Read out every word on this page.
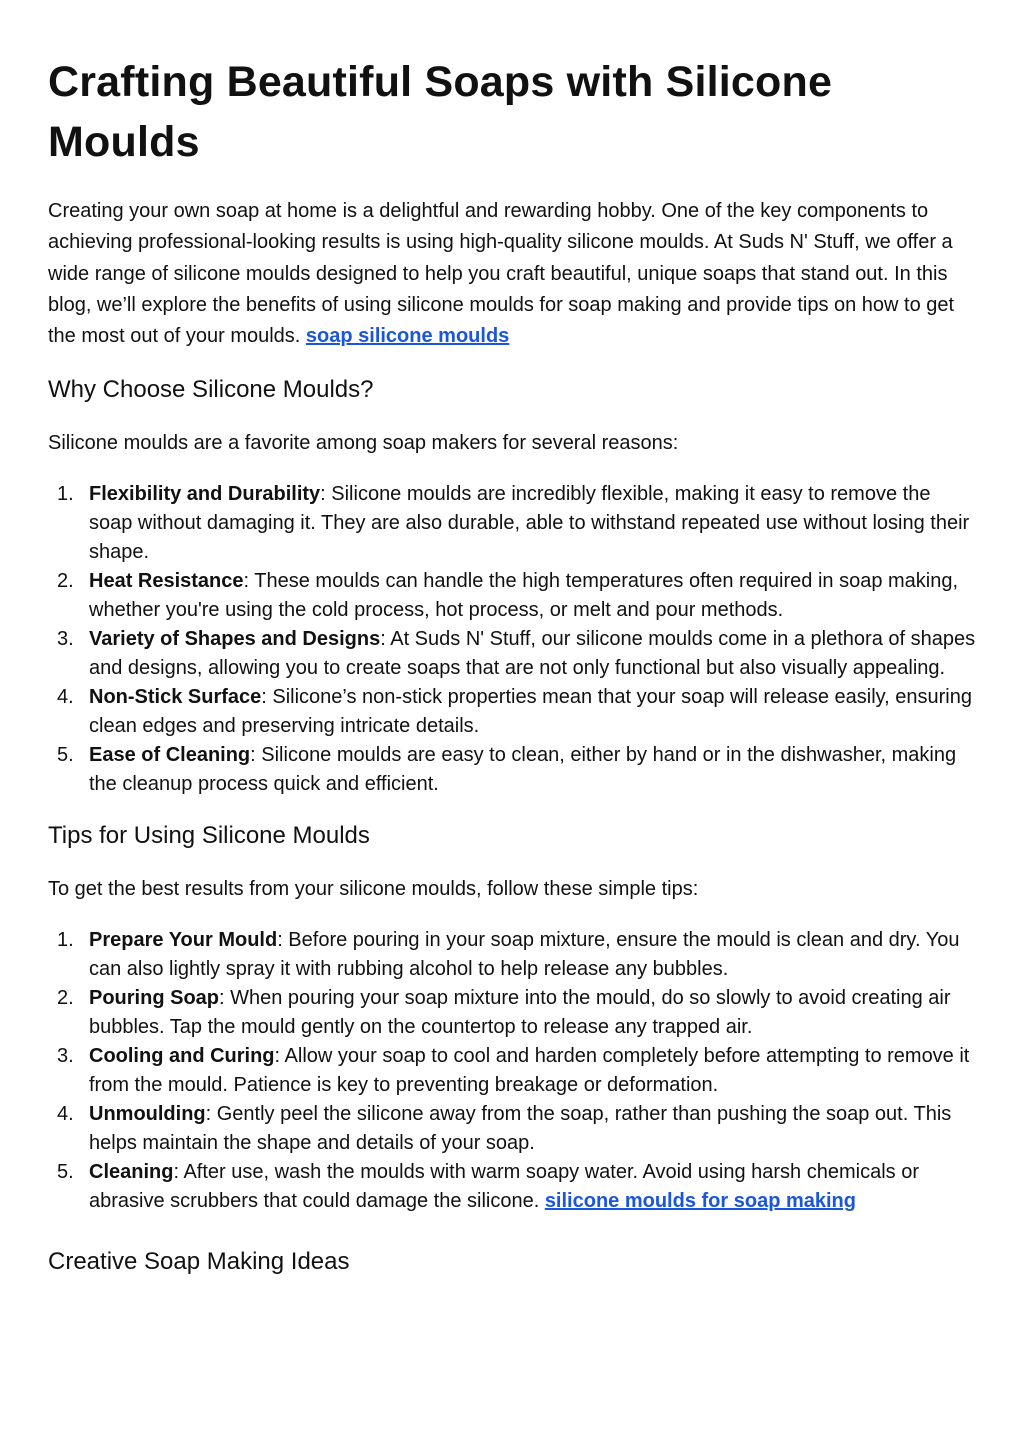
Crafting Beautiful Soaps with Silicone Moulds

Creating your own soap at home is a delightful and rewarding hobby. One of the key components to achieving professional-looking results is using high-quality silicone moulds. At Suds N' Stuff, we offer a wide range of silicone moulds designed to help you craft beautiful, unique soaps that stand out. In this blog, we’ll explore the benefits of using silicone moulds for soap making and provide tips on how to get the most out of your moulds. soap silicone moulds

Why Choose Silicone Moulds?

Silicone moulds are a favorite among soap makers for several reasons:

1. Flexibility and Durability: Silicone moulds are incredibly flexible, making it easy to remove the soap without damaging it. They are also durable, able to withstand repeated use without losing their shape.
2. Heat Resistance: These moulds can handle the high temperatures often required in soap making, whether you're using the cold process, hot process, or melt and pour methods.
3. Variety of Shapes and Designs: At Suds N' Stuff, our silicone moulds come in a plethora of shapes and designs, allowing you to create soaps that are not only functional but also visually appealing.
4. Non-Stick Surface: Silicone’s non-stick properties mean that your soap will release easily, ensuring clean edges and preserving intricate details.
5. Ease of Cleaning: Silicone moulds are easy to clean, either by hand or in the dishwasher, making the cleanup process quick and efficient.
Tips for Using Silicone Moulds

To get the best results from your silicone moulds, follow these simple tips:

1. Prepare Your Mould: Before pouring in your soap mixture, ensure the mould is clean and dry. You can also lightly spray it with rubbing alcohol to help release any bubbles.
2. Pouring Soap: When pouring your soap mixture into the mould, do so slowly to avoid creating air bubbles. Tap the mould gently on the countertop to release any trapped air.
3. Cooling and Curing: Allow your soap to cool and harden completely before attempting to remove it from the mould. Patience is key to preventing breakage or deformation.
4. Unmoulding: Gently peel the silicone away from the soap, rather than pushing the soap out. This helps maintain the shape and details of your soap.
5. Cleaning: After use, wash the moulds with warm soapy water. Avoid using harsh chemicals or abrasive scrubbers that could damage the silicone. silicone moulds for soap making
Creative Soap Making Ideas
